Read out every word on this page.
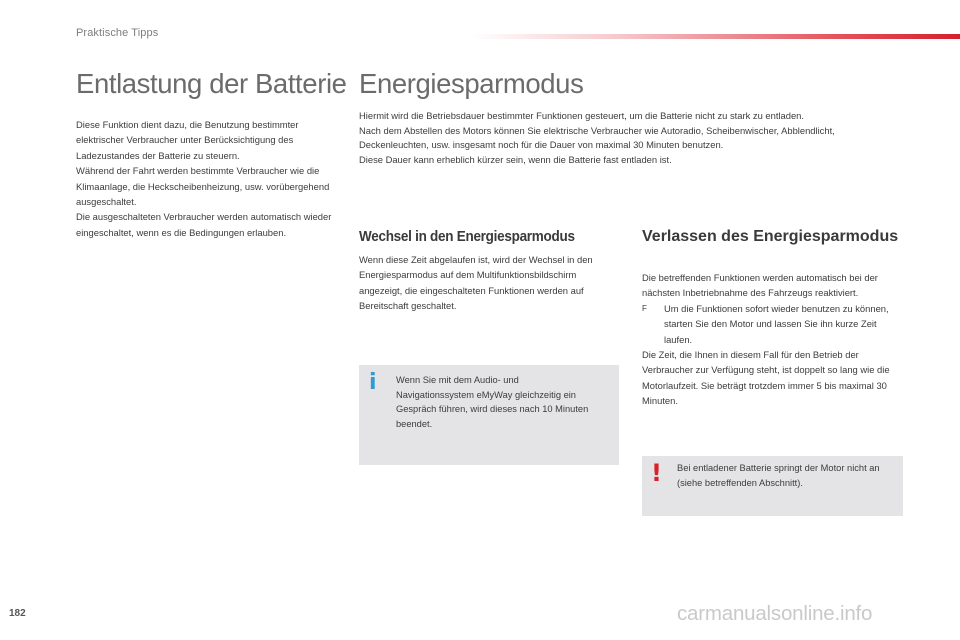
Praktische Tipps
Entlastung der Batterie

Diese Funktion dient dazu, die Benutzung bestimmter elektrischer Verbraucher unter Berücksichtigung des Ladezustandes der Batterie zu steuern.

Während der Fahrt werden bestimmte Verbraucher wie die Klimaanlage, die Heckscheibenheizung, usw. vorübergehend ausgeschaltet.

Die ausgeschalteten Verbraucher werden automatisch wieder eingeschaltet, wenn es die Bedingungen erlauben.

Energiesparmodus

Hiermit wird die Betriebsdauer bestimmter Funktionen gesteuert, um die Batterie nicht zu stark zu entladen.

Nach dem Abstellen des Motors können Sie elektrische Verbraucher wie Autoradio, Scheibenwischer, Abblendlicht, Deckenleuchten, usw. insgesamt noch für die Dauer von maximal 30 Minuten benutzen.

Diese Dauer kann erheblich kürzer sein, wenn die Batterie fast entladen ist.

Wechsel in den Energiesparmodus

Wenn diese Zeit abgelaufen ist, wird der Wechsel in den Energiesparmodus auf dem Multifunktionsbildschirm angezeigt, die eingeschalteten Funktionen werden auf Bereitschaft geschaltet.

i Wenn Sie mit dem Audio- und Navigationssystem eMyWay gleichzeitig ein Gespräch führen, wird dieses nach 10 Minuten beendet.
Verlassen des Energiesparmodus

Die betreffenden Funktionen werden automatisch bei der nächsten Inbetriebnahme des Fahrzeugs reaktiviert.

F	Um die Funktionen sofort wieder benutzen zu können, starten Sie den Motor und lassen Sie ihn kurze Zeit laufen.

Die Zeit, die Ihnen in diesem Fall für den Betrieb der Verbraucher zur Verfügung steht, ist doppelt so lang wie die Motorlaufzeit. Sie beträgt trotzdem immer 5 bis maximal 30 Minuten.

! Bei entladener Batterie springt der Motor nicht an (siehe betreffenden Abschnitt).
182	carmanualsonline.info
